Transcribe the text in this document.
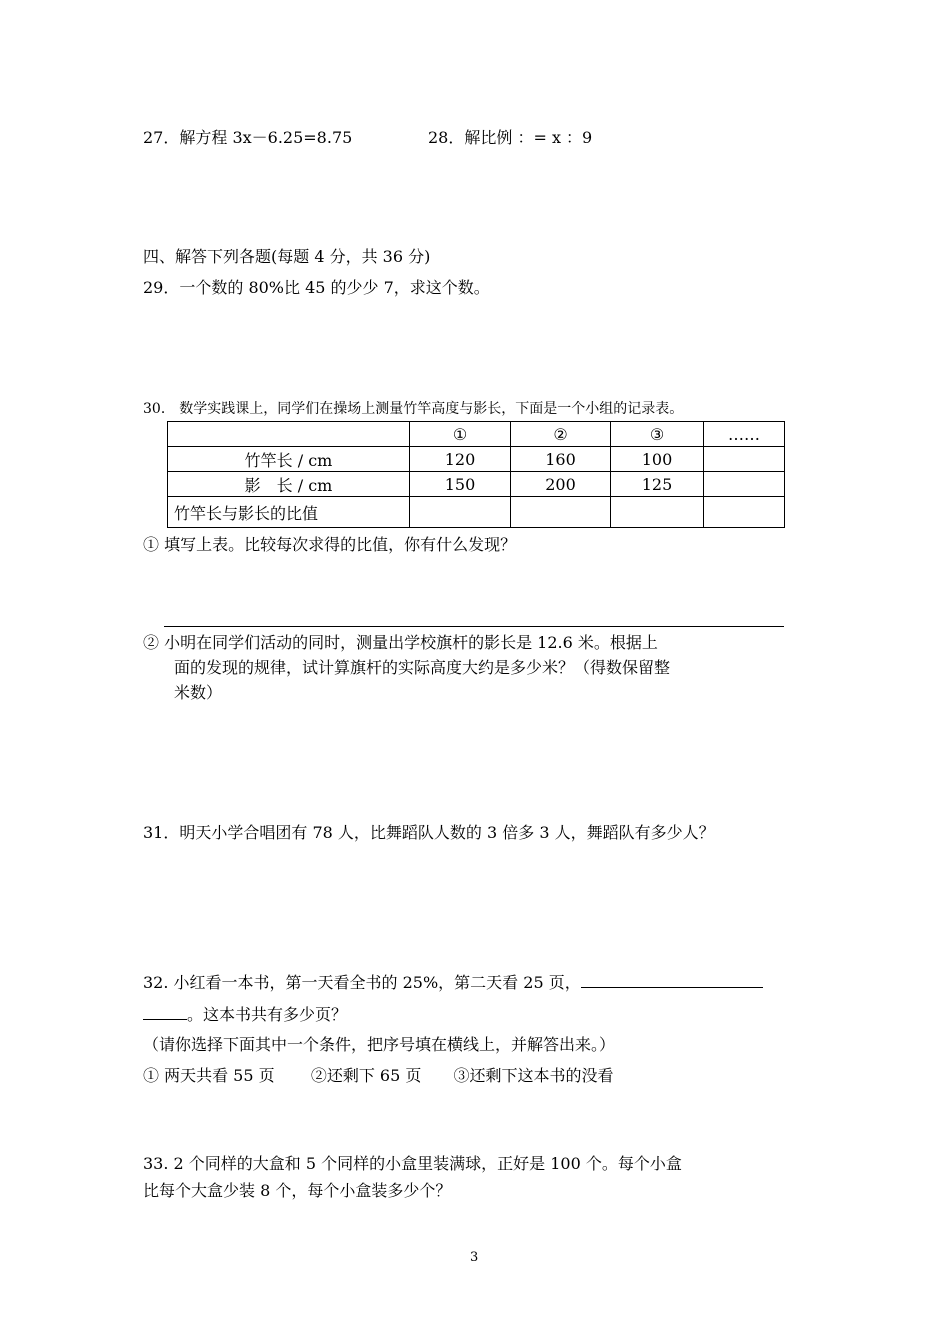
27．解方程 3x－6.25=8.75	28．解比例 ：= x ：9
四、解答下列各题(每题 4 分，共 36 分)
29．一个数的 80%比 45 的少少 7，求这个数。
30． 数学实践课上，同学们在操场上测量竹竿高度与影长，下面是一个小组的记录表。
	①	②	③	……
竹竿长 / cm	120	160	100	
影　长 / cm	150	200	125	
竹竿长与影长的比值				
① 填写上表。比较每次求得的比值，你有什么发现？
② 小明在同学们活动的同时，测量出学校旗杆的影长是 12.6 米。根据上
面的发现的规律，试计算旗杆的实际高度大约是多少米？（得数保留整
米数）
31．明天小学合唱团有 78 人，比舞蹈队人数的 3 倍多 3 人，舞蹈队有多少人？
32. 小红看一本书，第一天看全书的 25%，第二天看 25 页，
。这本书共有多少页？
（请你选择下面其中一个条件，把序号填在横线上，并解答出来。）
① 两天共看 55 页 ②还剩下 65 页 ③还剩下这本书的没看
33. 2 个同样的大盒和 5 个同样的小盒里装满球，正好是 100 个。每个小盒
比每个大盒少装 8 个，每个小盒装多少个？
3
